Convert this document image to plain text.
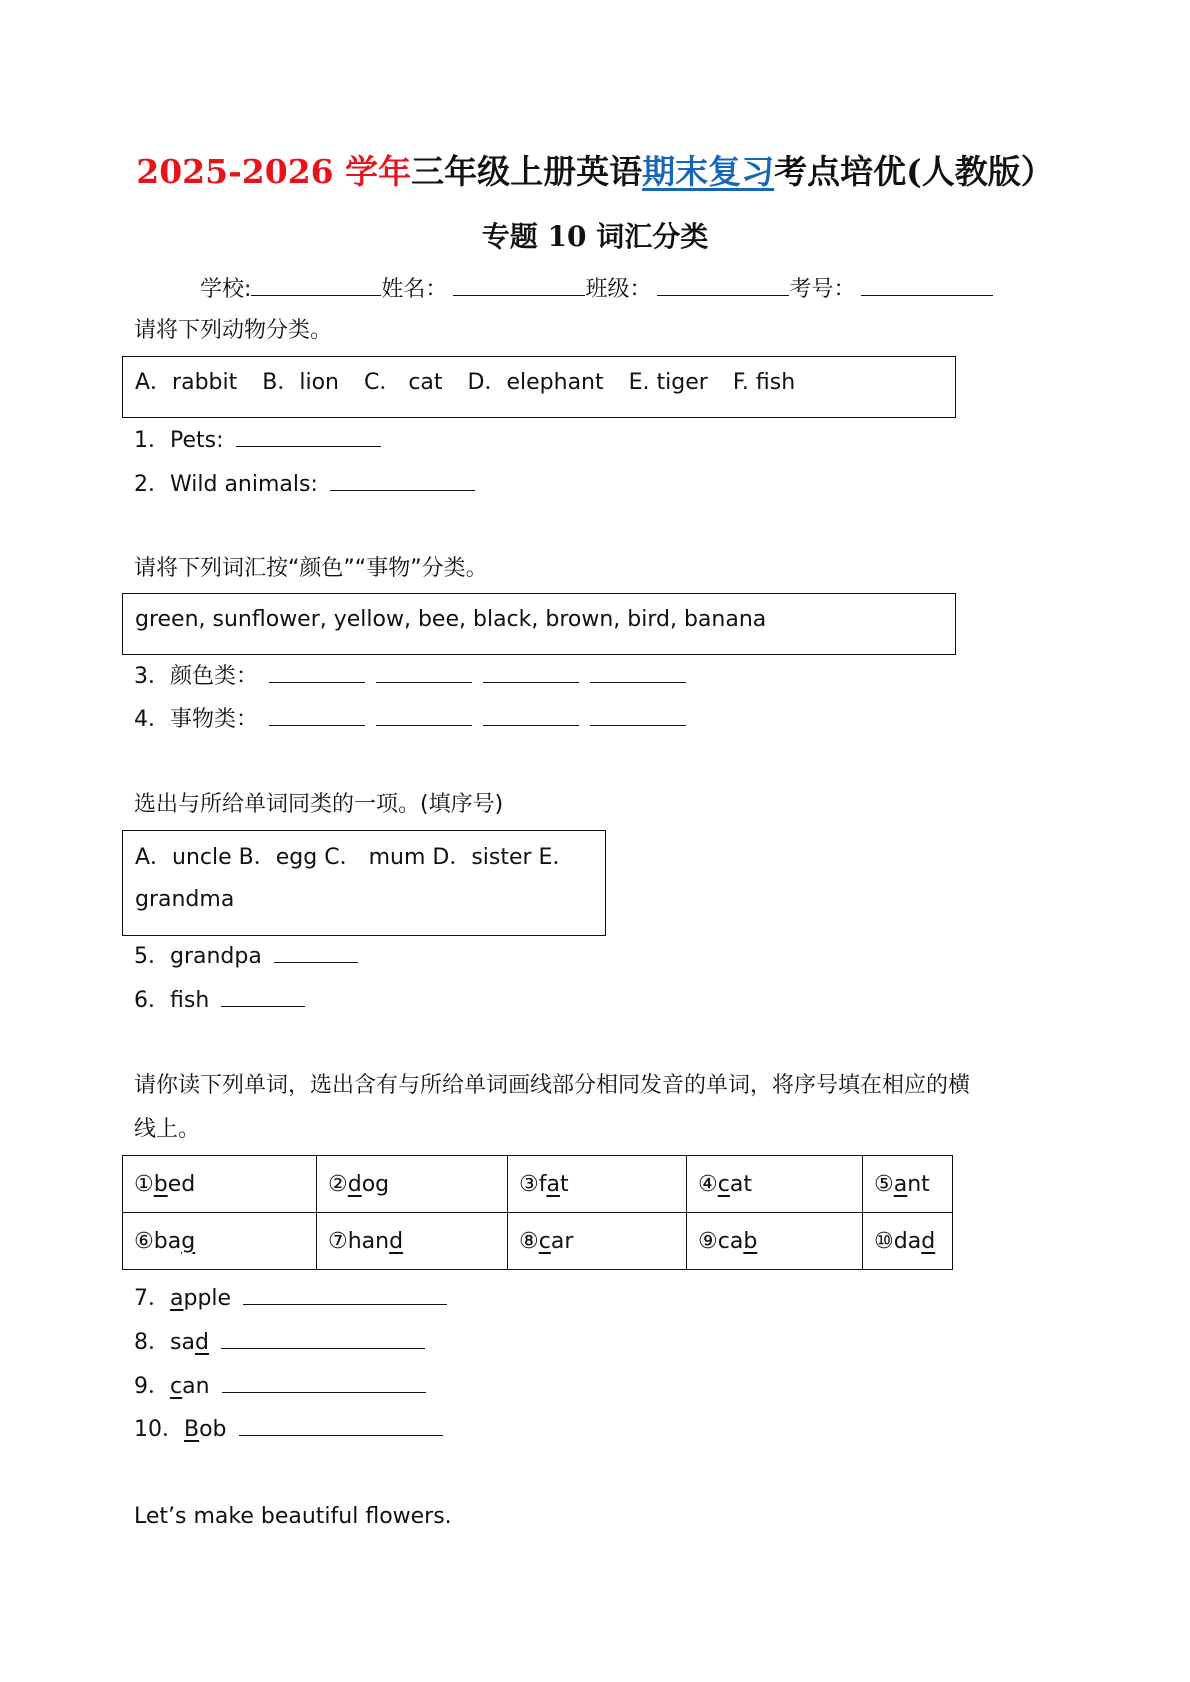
2025-2026 学年三年级上册英语期末复习考点培优(人教版）
专题 10 词汇分类
学校:	姓名：	班级：	考号：
请将下列动物分类。
A．rabbit B．lion C． cat D．elephant E. tiger F. fish
1．Pets:
2．Wild animals:
请将下列词汇按“颜色”“事物”分类。
green, sunflower, yellow, bee, black, brown, bird, banana
3．颜色类：
4．事物类：
选出与所给单词同类的一项。(填序号)
A．uncle B．egg C． mum D．sister E．
grandma
5．grandpa
6．fish
请你读下列单词，选出含有与所给单词画线部分相同发音的单词，将序号填在相应的横
线上。
①bed	②dog	③fat	④cat	⑤ant
⑥bag	⑦hand	⑧car	⑨cab	⑩dad
7．apple
8．sad
9．can
10．Bob
Let’s make beautiful flowers.
